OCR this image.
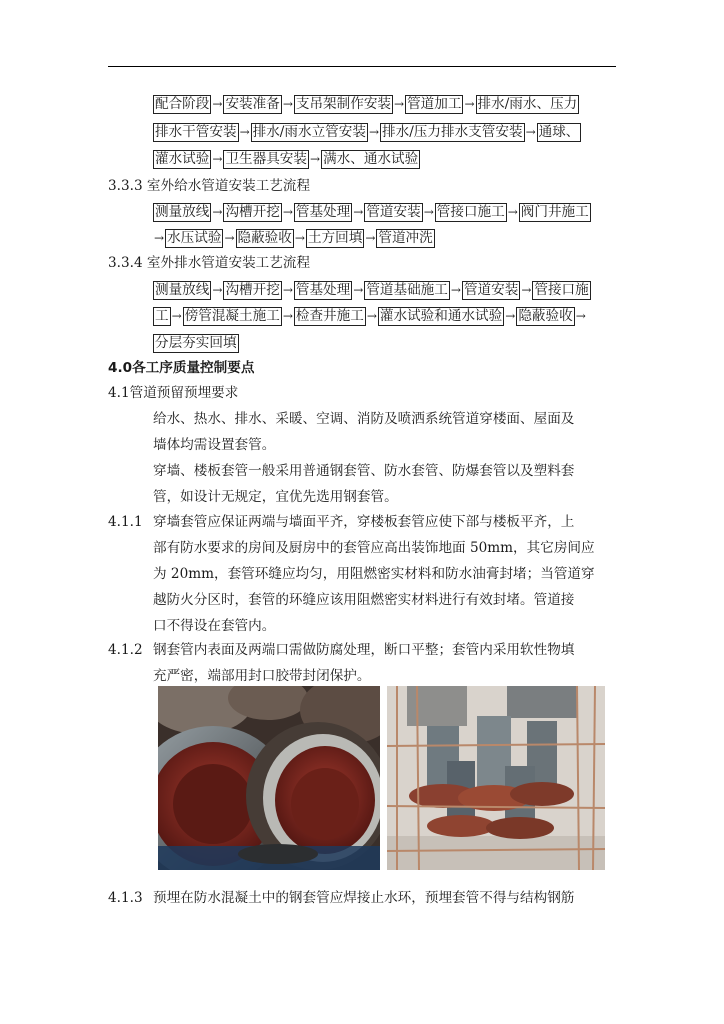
配合阶段 → 安装准备 → 支吊架制作安装 → 管道加工 → 排水/雨水、压力
排水干管安装 → 排水/雨水立管安装 → 排水/压力排水支管安装 → 通球、
灌水试验 → 卫生器具安装 → 满水、通水试验
3.3.3 室外给水管道安装工艺流程
测量放线 → 沟槽开挖 → 管基处理 → 管道安装 → 管接口施工 → 阀门井施工
→ 水压试验 → 隐蔽验收 → 土方回填 → 管道冲洗
3.3.4 室外排水管道安装工艺流程
测量放线 → 沟槽开挖 → 管基处理 → 管道基础施工 → 管道安装 → 管接口施
工 → 傍管混凝土施工 → 检查井施工 → 灌水试验和通水试验 → 隐蔽验收 →
分层夯实回填
4.0各工序质量控制要点
4.1管道预留预埋要求
给水、热水、排水、采暖、空调、消防及喷洒系统管道穿楼面、屋面及
墙体均需设置套管。
穿墙、楼板套管一般采用普通钢套管、防水套管、防爆套管以及塑料套
管，如设计无规定，宜优先选用钢套管。
4.1.1 穿墙套管应保证两端与墙面平齐，穿楼板套管应使下部与楼板平齐，上
部有防水要求的房间及厨房中的套管应高出装饰地面 50mm，其它房间应
为 20mm，套管环缝应均匀，用阻燃密实材料和防水油膏封堵；当管道穿
越防火分区时，套管的环缝应该用阻燃密实材料进行有效封堵。管道接
口不得设在套管内。
4.1.2 钢套管内表面及两端口需做防腐处理，断口平整；套管内采用软性物填
充严密，端部用封口胶带封闭保护。
4.1.3 预埋在防水混凝土中的钢套管应焊接止水环，预埋套管不得与结构钢筋
